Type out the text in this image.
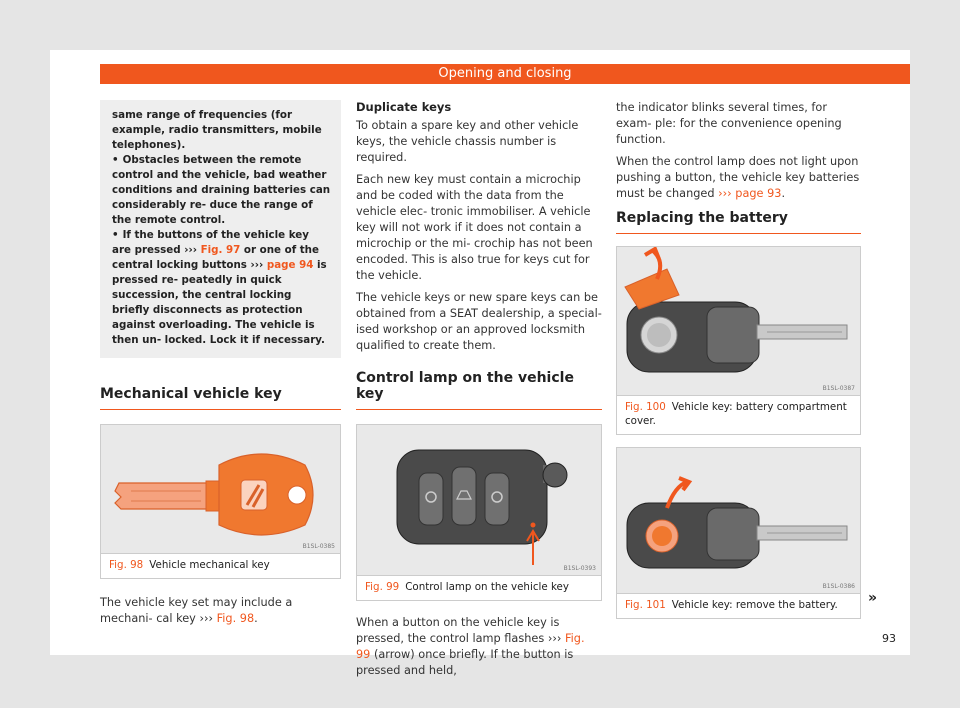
Opening and closing

same range of frequencies (for example, radio transmitters, mobile telephones).

• Obstacles between the remote control and the vehicle, bad weather conditions and draining batteries can considerably re- duce the range of the remote control.

• If the buttons of the vehicle key are pressed ››› Fig. 97 or one of the central locking buttons ››› page 94 is pressed re- peatedly in quick succession, the central locking briefly disconnects as protection against overloading. The vehicle is then un- locked. Lock it if necessary.

Mechanical vehicle key
B1SL-0385
Fig. 98 Vehicle mechanical key

The vehicle key set may include a mechani- cal key ››› Fig. 98.

Duplicate keys

To obtain a spare key and other vehicle keys, the vehicle chassis number is required.

Each new key must contain a microchip and be coded with the data from the vehicle elec- tronic immobiliser. A vehicle key will not work if it does not contain a microchip or the mi- crochip has not been encoded. This is also true for keys cut for the vehicle.

The vehicle keys or new spare keys can be obtained from a SEAT dealership, a special- ised workshop or an approved locksmith qualified to create them.

Control lamp on the vehicle key
B1SL-0393
Fig. 99 Control lamp on the vehicle key

When a button on the vehicle key is pressed, the control lamp flashes ››› Fig. 99 (arrow) once briefly. If the button is pressed and held,

the indicator blinks several times, for exam- ple: for the convenience opening function.

When the control lamp does not light upon pushing a button, the vehicle key batteries must be changed ››› page 93.

Replacing the battery
B1SL-0387
Fig. 100 Vehicle key: battery compartment cover.
B1SL-0386
Fig. 101 Vehicle key: remove the battery.	»
93
